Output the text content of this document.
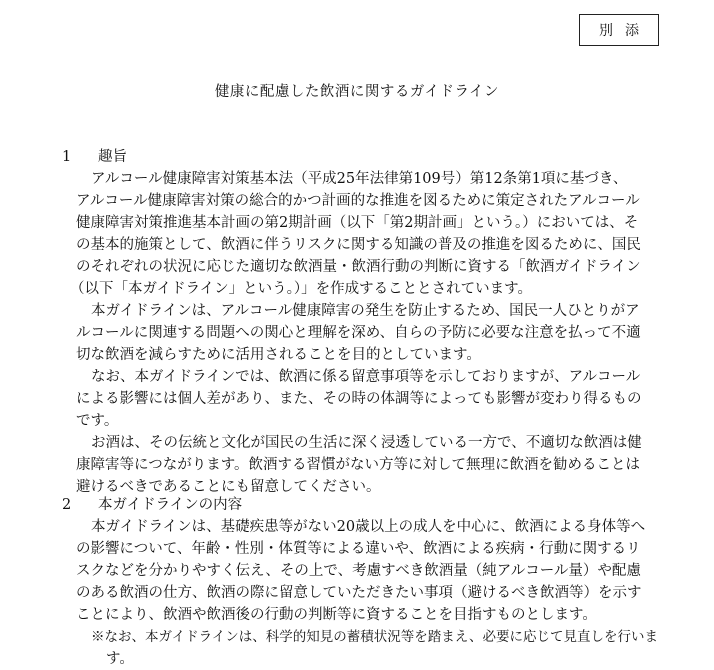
別添
健康に配慮した飲酒に関するガイドライン
1 趣旨
アルコール健康障害対策基本法（平成25年法律第109号）第12条第1項に基づき、
アルコール健康障害対策の総合的かつ計画的な推進を図るために策定されたアルコール
健康障害対策推進基本計画の第2期計画（以下「第2期計画」という。）においては、そ
の基本的施策として、飲酒に伴うリスクに関する知識の普及の推進を図るために、国民
のそれぞれの状況に応じた適切な飲酒量・飲酒行動の判断に資する「飲酒ガイドライン
（以下「本ガイドライン」という。）」を作成することとされています。
本ガイドラインは、アルコール健康障害の発生を防止するため、国民一人ひとりがア
ルコールに関連する問題への関心と理解を深め、自らの予防に必要な注意を払って不適
切な飲酒を減らすために活用されることを目的としています。
なお、本ガイドラインでは、飲酒に係る留意事項等を示しておりますが、アルコール
による影響には個人差があり、また、その時の体調等によっても影響が変わり得るもの
です。
お酒は、その伝統と文化が国民の生活に深く浸透している一方で、不適切な飲酒は健
康障害等につながります。飲酒する習慣がない方等に対して無理に飲酒を勧めることは
避けるべきであることにも留意してください。
2 本ガイドラインの内容
本ガイドラインは、基礎疾患等がない20歳以上の成人を中心に、飲酒による身体等へ
の影響について、年齢・性別・体質等による違いや、飲酒による疾病・行動に関するリ
スクなどを分かりやすく伝え、その上で、考慮すべき飲酒量（純アルコール量）や配慮
のある飲酒の仕方、飲酒の際に留意していただきたい事項（避けるべき飲酒等）を示す
ことにより、飲酒や飲酒後の行動の判断等に資することを目指すものとします。
※なお、本ガイドラインは、科学的知見の蓄積状況等を踏まえ、必要に応じて見直しを行いま
す。
